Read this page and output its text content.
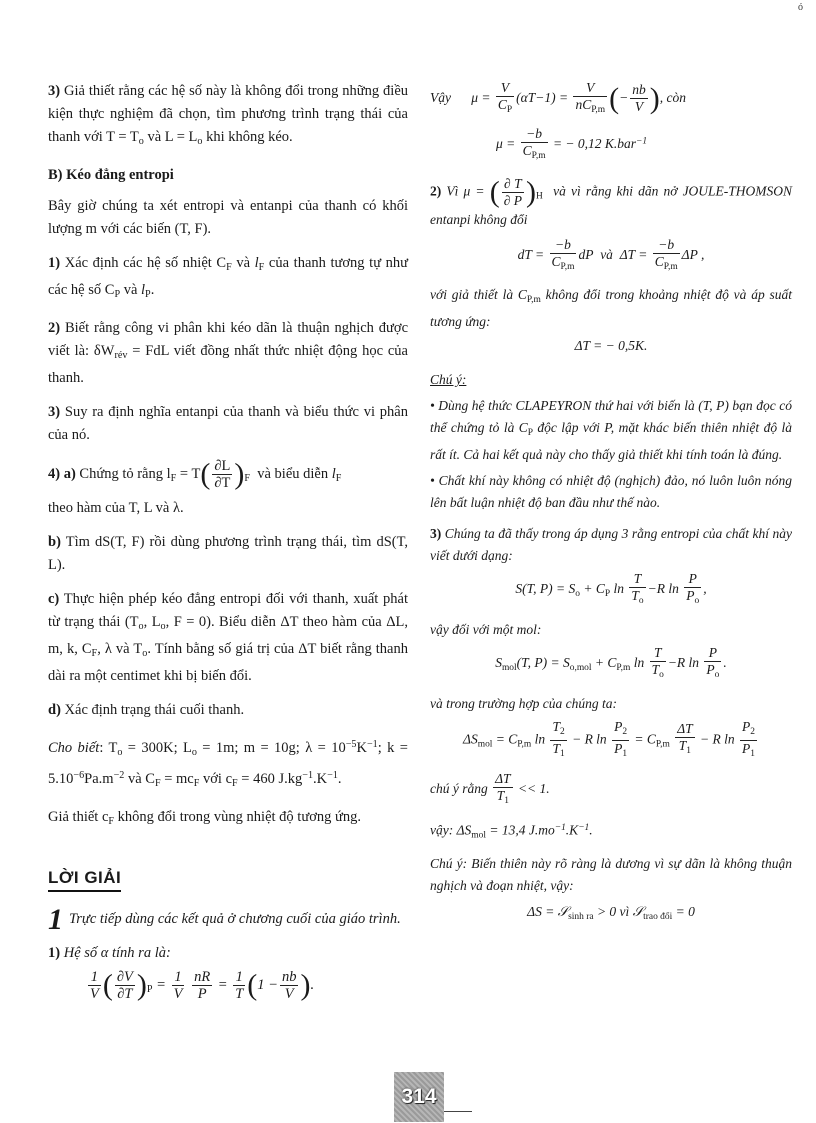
ó

3) Giả thiết rằng các hệ số này là không đổi trong những điều kiện thực nghiệm đã chọn, tìm phương trình trạng thái của thanh với $T = T_o$ và $L = L_o$ khi không kéo.

B) Kéo đẳng entropi

Bây giờ chúng ta xét entropi và entanpi của thanh có khối lượng m với các biến (T, F).

1) Xác định các hệ số nhiệt $C_F$ và $l_F$ của thanh tương tự như các hệ số $C_P$ và $l_P$.

2) Biết rằng công vi phân khi kéo dãn là thuận nghịch được viết là: $\delta W_{rév}$ = FdL viết đồng nhất thức nhiệt động học của thanh.

3) Suy ra định nghĩa entanpi của thanh và biểu thức vi phân của nó.

4) a) Chứng tỏ rằng $l_F = T( \frac{\partial L}{\partial T} )_F$ và biểu diễn $l_F$

theo hàm của T, L và λ.

b) Tìm dS(T, F) rồi dùng phương trình trạng thái, tìm dS(T, L).

c) Thực hiện phép kéo đẳng entropi đối với thanh, xuất phát từ trạng thái ($T_o$, $L_o$, F = 0). Biểu diễn ΔT theo hàm của ΔL, m, k, $C_F$, λ và $T_o$. Tính bằng số giá trị của ΔT biết rằng thanh dài ra một centimet khi bị biến đổi.

d) Xác định trạng thái cuối thanh.

Cho biết: $T_o = 300K$; $L_o = 1m$; m = 10g; $\lambda = 10^{-5}K^{-1}$; $k = 5.10^{-6}Pa.m^{-2}$ và $C_F = mc_F$ với $c_F = 460$ $J.kg^{-1}.K^{-1}$.

Giả thiết $c_F$ không đổi trong vùng nhiệt độ tương ứng.

LỜI GIẢI

1 Trực tiếp dùng các kết quả ở chương cuối của giáo trình.

1) Hệ số α tính ra là:

$\frac{1}{V}$ ( $\frac{\partial V}{\partial T} )_P = \frac{1}{V}$
$\frac{nR}{P} = \frac{1}{T} (1 - \frac{nb}{V}$ ).
Vậy $\mu = \frac{V}{C_P} (\alpha T-1) = \frac{V}{nC_{P,m}}$ (− $\frac{nb}{V}$ ), còn
$\mu = \frac{-b}{C_{P,m}}$ = − 0,12 K.bar$^{-1}$

2) Vì μ = ( $\frac{\partial T}{\partial P} )_H$ và vì rằng khi dãn nở JOULE-THOMSON entanpi không đổi

dT = $\frac{-b}{C_{P,m}}$ dP và $\Delta T = \frac{-b}{C_{P,m}}$ ΔP ,

với giả thiết là $C_{P,m}$ không đổi trong khoảng nhiệt độ và áp suất tương ứng:

ΔT = − 0,5K.

Chú ý:

• Dùng hệ thức CLAPEYRON thứ hai với biến là (T, P) bạn đọc có thể chứng tỏ là $C_P$ độc lập với P, mặt khác biến thiên nhiệt độ là rất ít. Cả hai kết quả này cho thấy giả thiết khi tính toán là đúng.

• Chất khí này không có nhiệt độ (nghịch) đảo, nó luôn luôn nóng lên bất luận nhiệt độ ban đầu như thế nào.

3) Chúng ta đã thấy trong áp dụng 3 rằng entropi của chất khí này viết dưới dạng:

S(T, $P) = S_o + C_P$ $\ln \frac{T}{T_o} -R$ $\ln \frac{P}{P_o}$ ,

vậy đối với một mol:

$S_{mol}(T$, $P) = S_{o,mol} + C_{P,m}$ $\ln \frac{T}{T_o} -R$ $\ln \frac{P}{P_o}$ .

và trong trường hợp của chúng ta:

$\Delta S_{mol} = C_{P,m}$ $\ln \frac{T_2}{T_1} - R$ $\ln \frac{P_2}{P_1} = C_{P,m} \frac{\Delta T}{T_1} - R$ $\ln \frac{P_2}{P_1}$

chú ý rằng $\frac{\Delta T}{T_1} << 1$.

vậy: $\Delta S_{mol} = 13,4$ $J.mo^{-1}.K^{-1}$.

Chú ý: Biến thiên này rõ ràng là dương vì sự dãn là không thuận nghịch và đoạn nhiệt, vậy:

ΔS = 𝒮$_{sinh ra}$ > 0 vì 𝒮$_{trao đổi}$ = 0
314
